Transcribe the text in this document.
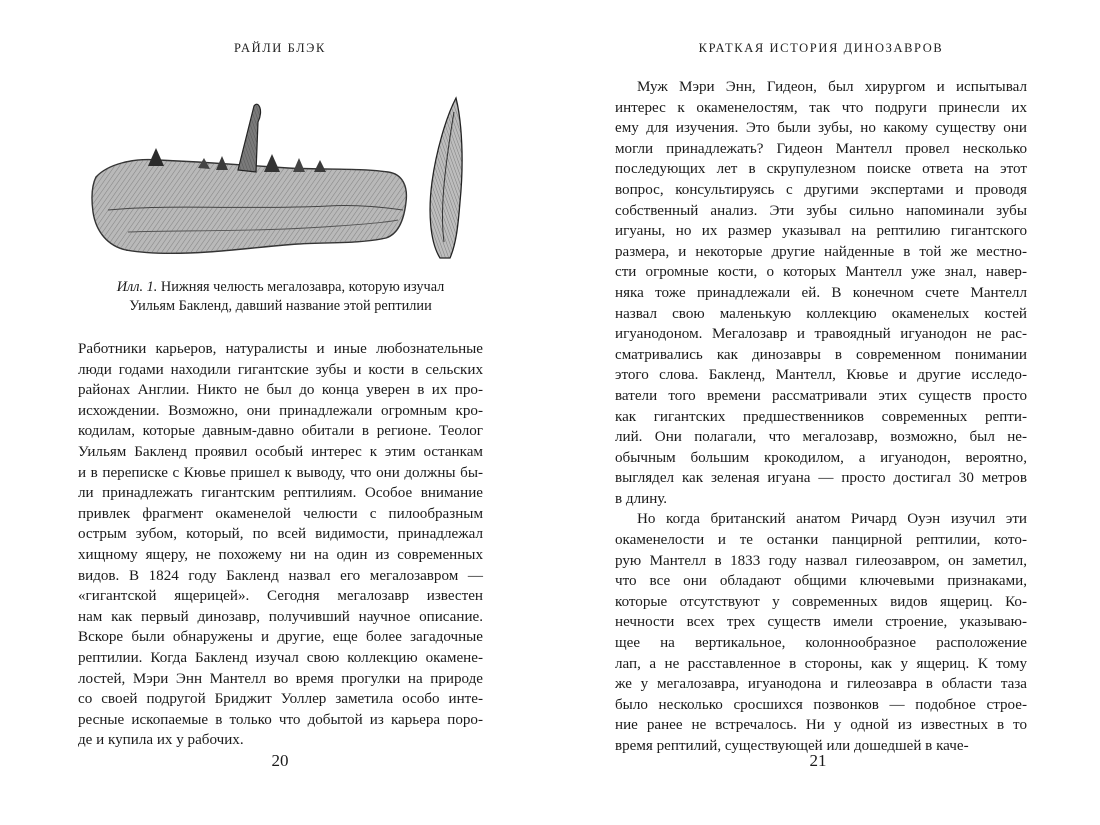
РАЙЛИ БЛЭК
Илл. 1. Нижняя челюсть мегалозавра, которую изучал
Уильям Бакленд, давший название этой рептилии

Работники карьеров, натуралисты и иные любознательные
люди годами находили гигантские зубы и кости в сельских
районах Англии. Никто не был до конца уверен в их про-
исхождении. Возможно, они принадлежали огромным кро-
кодилам, которые давным-давно обитали в регионе. Теолог
Уильям Бакленд проявил особый интерес к этим останкам
и в переписке с Кювье пришел к выводу, что они должны бы-
ли принадлежать гигантским рептилиям. Особое внимание
привлек фрагмент окаменелой челюсти с пилообразным
острым зубом, который, по всей видимости, принадлежал
хищному ящеру, не похожему ни на один из современных
видов. В 1824 году Бакленд назвал его мегалозавром —
«гигантской ящерицей». Сегодня мегалозавр известен
нам как первый динозавр, получивший научное описание.
Вскоре были обнаружены и другие, еще более загадочные
рептилии. Когда Бакленд изучал свою коллекцию окамене-
лостей, Мэри Энн Мантелл во время прогулки на природе
со своей подругой Бриджит Уоллер заметила особо инте-
ресные ископаемые в только что добытой из карьера поро-
де и купила их у рабочих.

20
КРАТКАЯ ИСТОРИЯ ДИНОЗАВРОВ

Муж Мэри Энн, Гидеон, был хирургом и испытывал
интерес к окаменелостям, так что подруги принесли их
ему для изучения. Это были зубы, но какому существу они
могли принадлежать? Гидеон Мантелл провел несколько
последующих лет в скрупулезном поиске ответа на этот
вопрос, консультируясь с другими экспертами и проводя
собственный анализ. Эти зубы сильно напоминали зубы
игуаны, но их размер указывал на рептилию гигантского
размера, и некоторые другие найденные в той же местно-
сти огромные кости, о которых Мантелл уже знал, навер-
няка тоже принадлежали ей. В конечном счете Мантелл
назвал свою маленькую коллекцию окаменелых костей
игуанодоном. Мегалозавр и травоядный игуанодон не рас-
сматривались как динозавры в современном понимании
этого слова. Бакленд, Мантелл, Кювье и другие исследо-
ватели того времени рассматривали этих существ просто
как гигантских предшественников современных репти-
лий. Они полагали, что мегалозавр, возможно, был не-
обычным большим крокодилом, а игуанодон, вероятно,
выглядел как зеленая игуана — просто достигал 30 метров
в длину.

Но когда британский анатом Ричард Оуэн изучил эти
окаменелости и те останки панцирной рептилии, кото-
рую Мантелл в 1833 году назвал гилеозавром, он заметил,
что все они обладают общими ключевыми признаками,
которые отсутствуют у современных видов ящериц. Ко-
нечности всех трех существ имели строение, указываю-
щее на вертикальное, колоннообразное расположение
лап, а не расставленное в стороны, как у ящериц. К тому
же у мегалозавра, игуанодона и гилеозавра в области таза
было несколько сросшихся позвонков — подобное строе-
ние ранее не встречалось. Ни у одной из известных в то
время рептилий, существующей или дошедшей в каче-

21
